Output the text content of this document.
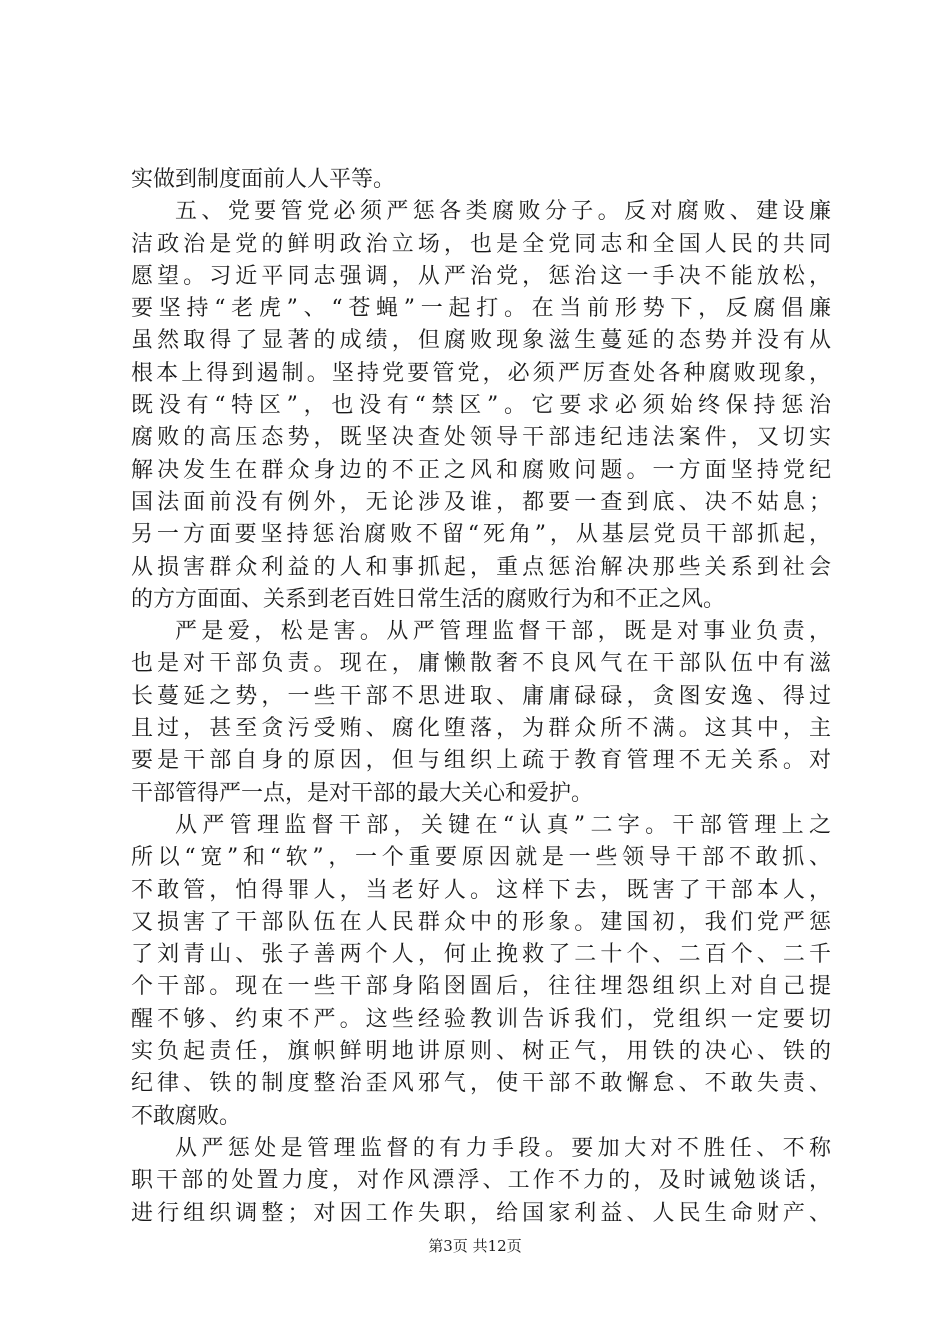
实做到制度面前人人平等。
五、党要管党必须严惩各类腐败分子。反对腐败、建设廉
洁政治是党的鲜明政治立场，也是全党同志和全国人民的共同
愿望。习近平同志强调，从严治党，惩治这一手决不能放松，
要坚持“老虎”、“苍蝇”一起打。在当前形势下，反腐倡廉
虽然取得了显著的成绩，但腐败现象滋生蔓延的态势并没有从
根本上得到遏制。坚持党要管党，必须严厉查处各种腐败现象，
既没有“特区”，也没有“禁区”。它要求必须始终保持惩治
腐败的高压态势，既坚决查处领导干部违纪违法案件，又切实
解决发生在群众身边的不正之风和腐败问题。一方面坚持党纪
国法面前没有例外，无论涉及谁，都要一查到底、决不姑息；
另一方面要坚持惩治腐败不留“死角”，从基层党员干部抓起，
从损害群众利益的人和事抓起，重点惩治解决那些关系到社会
的方方面面、关系到老百姓日常生活的腐败行为和不正之风。
严是爱，松是害。从严管理监督干部，既是对事业负责，
也是对干部负责。现在，庸懒散奢不良风气在干部队伍中有滋
长蔓延之势，一些干部不思进取、庸庸碌碌，贪图安逸、得过
且过，甚至贪污受贿、腐化堕落，为群众所不满。这其中，主
要是干部自身的原因，但与组织上疏于教育管理不无关系。对
干部管得严一点，是对干部的最大关心和爱护。
从严管理监督干部，关键在“认真”二字。干部管理上之
所以“宽”和“软”，一个重要原因就是一些领导干部不敢抓、
不敢管，怕得罪人，当老好人。这样下去，既害了干部本人，
又损害了干部队伍在人民群众中的形象。建国初，我们党严惩
了刘青山、张子善两个人，何止挽救了二十个、二百个、二千
个干部。现在一些干部身陷囹圄后，往往埋怨组织上对自己提
醒不够、约束不严。这些经验教训告诉我们，党组织一定要切
实负起责任，旗帜鲜明地讲原则、树正气，用铁的决心、铁的
纪律、铁的制度整治歪风邪气，使干部不敢懈怠、不敢失责、
不敢腐败。
从严惩处是管理监督的有力手段。要加大对不胜任、不称
职干部的处置力度，对作风漂浮、工作不力的，及时诫勉谈话，
进行组织调整；对因工作失职，给国家利益、人民生命财产、
第3页 共12页
